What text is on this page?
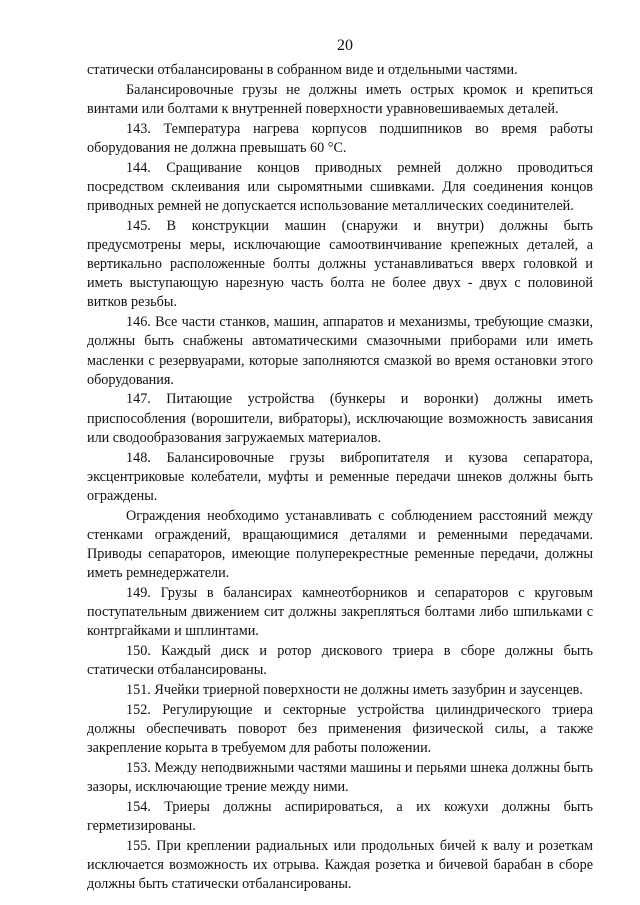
20

статически отбалансированы в собранном виде и отдельными частями.

Балансировочные грузы не должны иметь острых кромок и крепиться винтами или болтами к внутренней поверхности уравновешиваемых деталей.

143. Температура нагрева корпусов подшипников во время работы оборудования не должна превышать 60 °С.

144. Сращивание концов приводных ремней должно проводиться посредством склеивания или сыромятными сшивками. Для соединения концов приводных ремней не допускается использование металлических соединителей.

145. В конструкции машин (снаружи и внутри) должны быть предусмотрены меры, исключающие самоотвинчивание крепежных деталей, а вертикально расположенные болты должны устанавливаться вверх головкой и иметь выступающую нарезную часть болта не более двух - двух с половиной витков резьбы.

146. Все части станков, машин, аппаратов и механизмы, требующие смазки, должны быть снабжены автоматическими смазочными приборами или иметь масленки с резервуарами, которые заполняются смазкой во время остановки этого оборудования.

147. Питающие устройства (бункеры и воронки) должны иметь приспособления (ворошители, вибраторы), исключающие возможность зависания или сводообразования загружаемых материалов.

148. Балансировочные грузы вибропитателя и кузова сепаратора, эксцентриковые колебатели, муфты и ременные передачи шнеков должны быть ограждены.

Ограждения необходимо устанавливать с соблюдением расстояний между стенками ограждений, вращающимися деталями и ременными передачами. Приводы сепараторов, имеющие полуперекрестные ременные передачи, должны иметь ремнедержатели.

149. Грузы в балансирах камнеотборников и сепараторов с круговым поступательным движением сит должны закрепляться болтами либо шпильками с контргайками и шплинтами.

150. Каждый диск и ротор дискового триера в сборе должны быть статически отбалансированы.

151. Ячейки триерной поверхности не должны иметь зазубрин и заусенцев.

152. Регулирующие и секторные устройства цилиндрического триера должны обеспечивать поворот без применения физической силы, а также закрепление корыта в требуемом для работы положении.

153. Между неподвижными частями машины и перьями шнека должны быть зазоры, исключающие трение между ними.

154. Триеры должны аспирироваться, а их кожухи должны быть герметизированы.

155. При креплении радиальных или продольных бичей к валу и розеткам исключается возможность их отрыва. Каждая розетка и бичевой барабан в сборе должны быть статически отбалансированы.
